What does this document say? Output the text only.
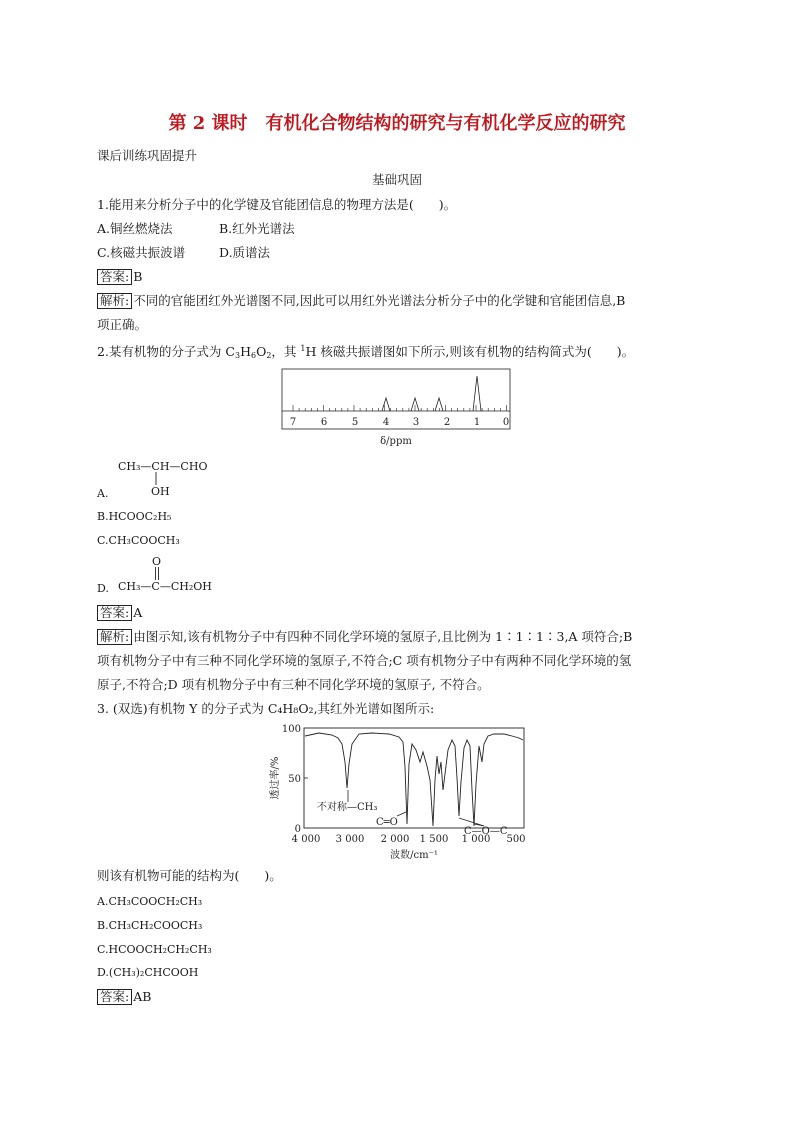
第 2 课时　有机化合物结构的研究与有机化学反应的研究
课后训练巩固提升
基础巩固
1.能用来分析分子中的化学键及官能团信息的物理方法是(　　)。
A.铜丝燃烧法	B.红外光谱法
C.核磁共振波谱	D.质谱法
答案: B
解析: 不同的官能团红外光谱图不同,因此可以用红外光谱法分析分子中的化学键和官能团信息,B
项正确。
2.某有机物的分子式为 $C_3H_6O_2$，其 $^1$H 核磁共振谱图如下所示,则该有机物的结构简式为(　　)。
7 6 5 4 3 2 1 0
δ/ppm
CH₃—CH—CHO
A.	OH
B.HCOOC₂H₅
C.CH₃COOCH₃
O
D. CH₃—C—CH₂OH
答案: A
解析: 由图示知,该有机物分子中有四种不同化学环境的氢原子,且比例为 1∶1∶1∶3,A 项符合;B
项有机物分子中有三种不同化学环境的氢原子,不符合;C 项有机物分子中有两种不同化学环境的氢
原子,不符合;D 项有机物分子中有三种不同化学环境的氢原子, 不符合。
3. (双选)有机物 Y 的分子式为 C₄H₈O₂,其红外光谱如图所示:
100
50
0
透过率/%
不对称—CH₃
C═O
C—O—C
4 000 3 000 2 000 1 500 1 000 500
波数/cm⁻¹
则该有机物可能的结构为(　　)。
A.CH₃COOCH₂CH₃
B.CH₃CH₂COOCH₃
C.HCOOCH₂CH₂CH₃
D.(CH₃)₂CHCOOH
答案: AB
